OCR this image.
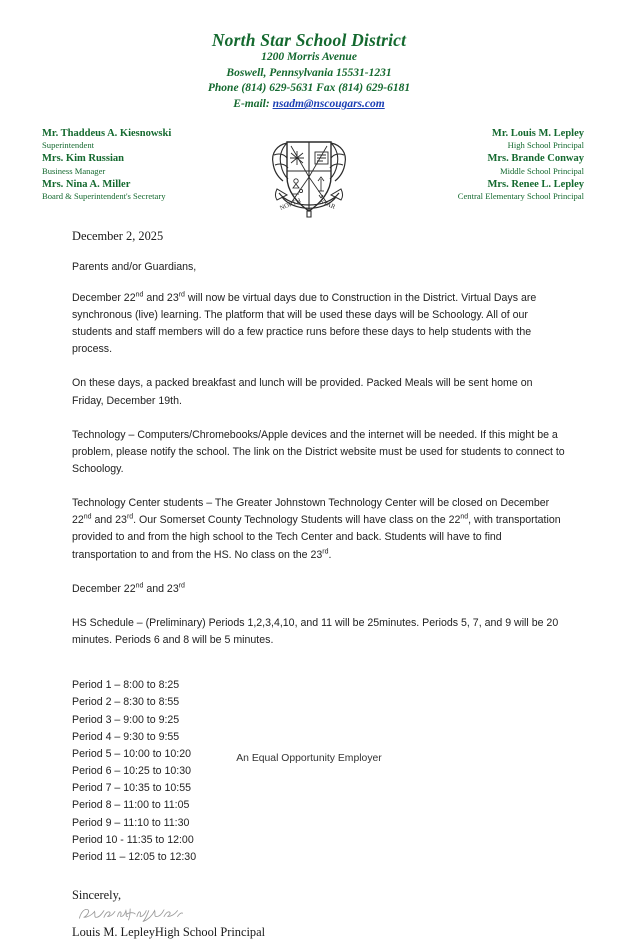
North Star School District
1200 Morris Avenue
Boswell, Pennsylvania 15531-1231
Phone (814) 629-5631 Fax (814) 629-6181
E-mail: nsadm@nscougars.com
Mr. Thaddeus A. Kiesnowski
Superintendent
Mrs. Kim Russian
Business Manager
Mrs. Nina A. Miller
Board & Superintendent's Secretary
Mr. Louis M. Lepley
High School Principal
Mrs. Brande Conway
Middle School Principal
Mrs. Renee L. Lepley
Central Elementary School Principal
NORTH	STAR
December 2, 2025
Parents and/or Guardians,

December 22nd and 23rd will now be virtual days due to Construction in the District. Virtual Days are synchronous (live) learning. The platform that will be used these days will be Schoology. All of our students and staff members will do a few practice runs before these days to help students with the process.

On these days, a packed breakfast and lunch will be provided. Packed Meals will be sent home on Friday, December 19th.

Technology – Computers/Chromebooks/Apple devices and the internet will be needed. If this might be a problem, please notify the school. The link on the District website must be used for students to connect to Schoology.

Technology Center students – The Greater Johnstown Technology Center will be closed on December 22nd and 23rd. Our Somerset County Technology Students will have class on the 22nd, with transportation provided to and from the high school to the Tech Center and back. Students will have to find transportation to and from the HS. No class on the 23rd.

December 22nd and 23rd

HS Schedule – (Preliminary) Periods 1,2,3,4,10, and 11 will be 25minutes. Periods 5, 7, and 9 will be 20 minutes. Periods 6 and 8 will be 5 minutes.

Period 1 – 8:00 to 8:25
Period 2 – 8:30 to 8:55
Period 3 – 9:00 to 9:25
Period 4 – 9:30 to 9:55
Period 5 – 10:00 to 10:20
Period 6 – 10:25 to 10:30
Period 7 – 10:35 to 10:55
Period 8 – 11:00 to 11:05
Period 9 – 11:10 to 11:30
Period 10 - 11:35 to 12:00
Period 11 – 12:05 to 12:30
Sincerely,
Louis M. LepleyHigh School Principal
An Equal Opportunity Employer
